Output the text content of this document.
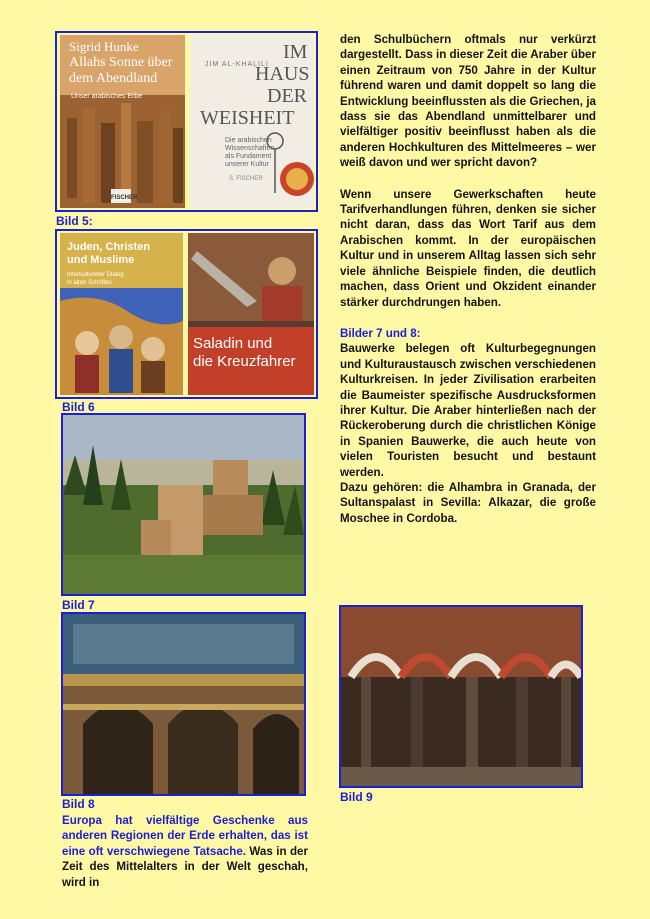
Sigrid Hunke
Allahs Sonne über
dem Abendland
Unser arabisches Erbe
FISCHER
JIM AL-KHALILI
IM
HAUS
DER
WEISHEIT
Die arabischen
Wissenschaften
als Fundament
unserer Kultur
S. FISCHER
Bild 5:
Juden, Christen
und Muslime
Interkultureller Dialog
in alten Schriften
Saladin und
die Kreuzfahrer
Bild 6
Bild 7
Bild 8	Bild 9

den Schulbüchern oftmals nur verkürzt dargestellt. Dass in dieser Zeit die Araber über einen Zeitraum von 750 Jahre in der Kultur führend waren und damit doppelt so lang die Entwicklung beeinflussten als die Griechen, ja dass sie das Abendland unmittelbarer und vielfältiger positiv beeinflusst haben als die anderen Hochkulturen des Mittelmeeres – wer weiß davon und wer spricht davon?

Wenn unsere Gewerkschaften heute Tarifverhandlungen führen, denken sie sicher nicht daran, dass das Wort Tarif aus dem Arabischen kommt. In der europäischen Kultur und in unserem Alltag lassen sich sehr viele ähnliche Beispiele finden, die deutlich machen, dass Orient und Okzident einander stärker durchdrungen haben.

Bilder 7 und 8:

Bauwerke belegen oft Kulturbegegnungen und Kulturaustausch zwischen verschiedenen Kulturkreisen. In jeder Zivilisation erarbeiten die Baumeister spezifische Ausdrucksformen ihrer Kultur. Die Araber hinterließen nach der Rückeroberung durch die christlichen Könige in Spanien Bauwerke, die auch heute von vielen Touristen besucht und bestaunt werden.

Dazu gehören: die Alhambra in Granada, der Sultanspalast in Sevilla: Alkazar, die große Moschee in Cordoba.

Europa hat vielfältige Geschenke aus anderen Regionen der Erde erhalten, das ist eine oft verschwiegene Tatsache. Was in der Zeit des Mittelalters in der Welt geschah, wird in
